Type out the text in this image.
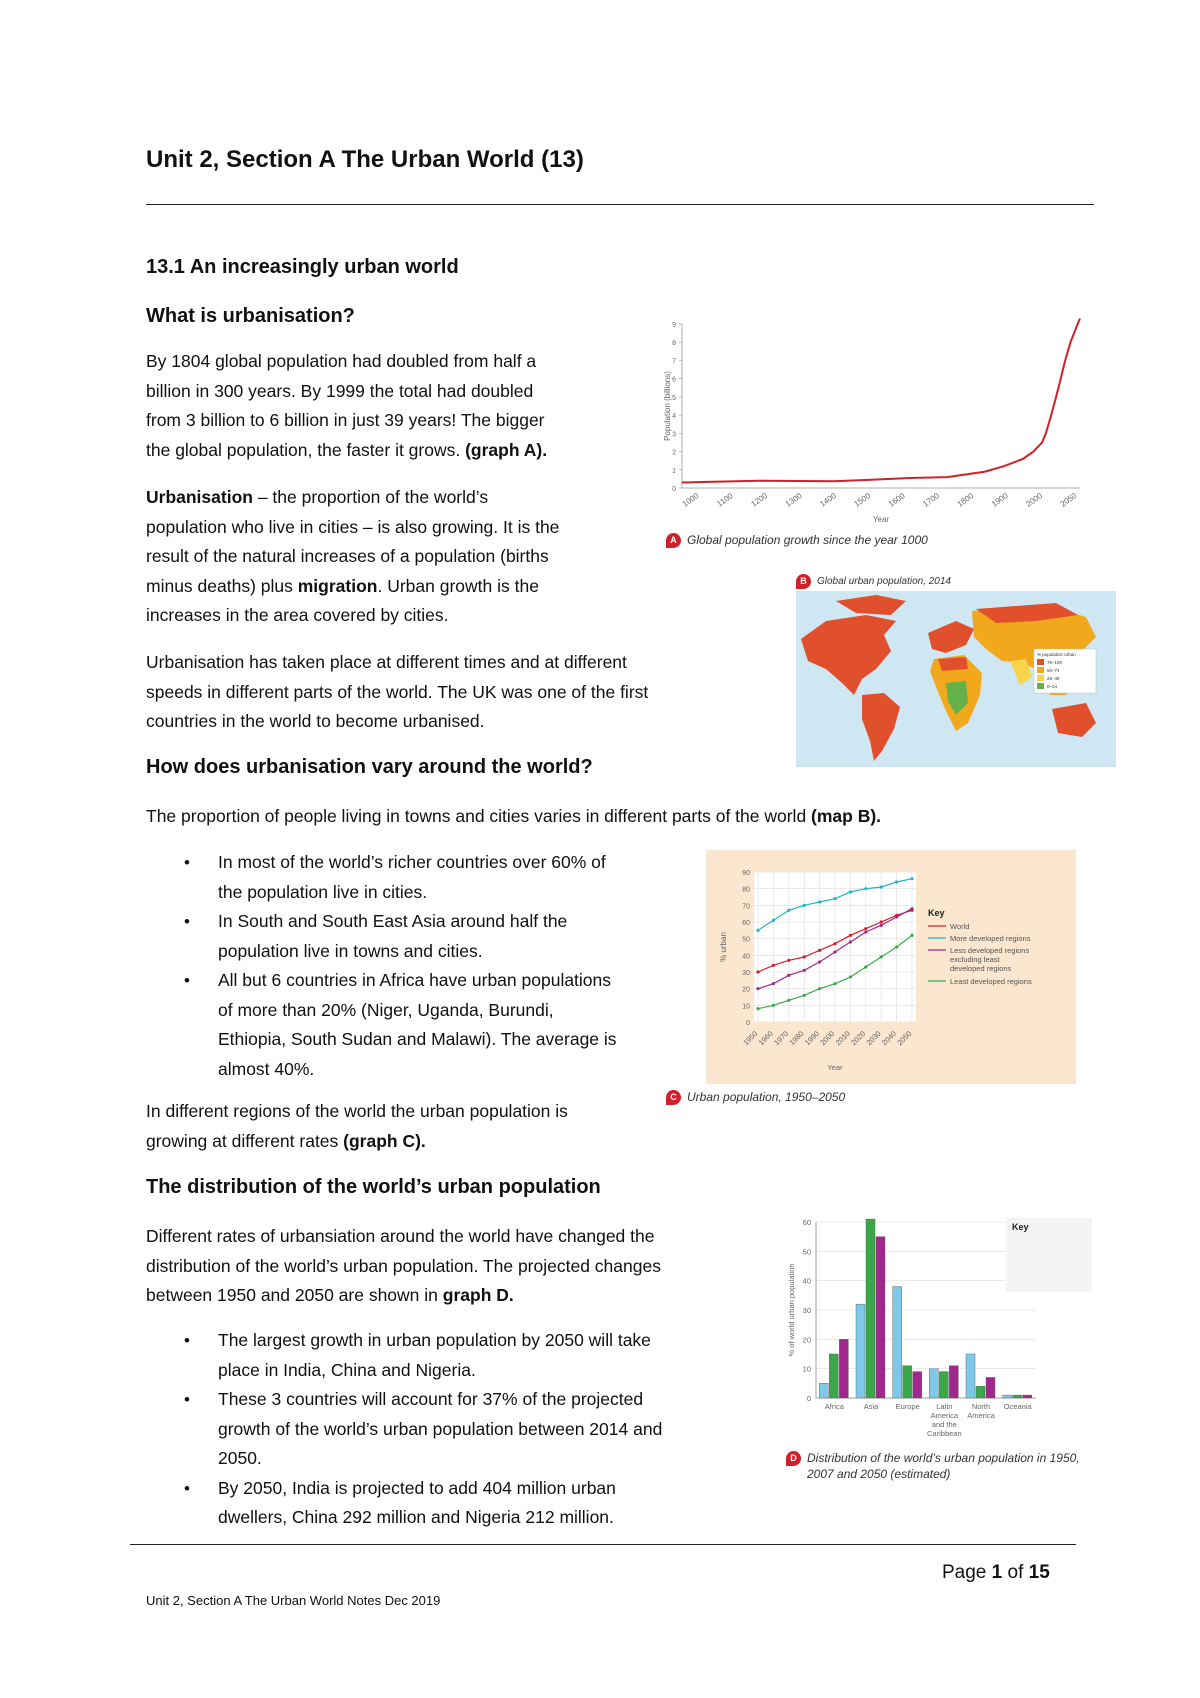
Unit 2, Section A The Urban World (13)
13.1 An increasingly urban world
What is urbanisation?

By 1804 global population had doubled from half a

billion in 300 years. By 1999 the total had doubled

from 3 billion to 6 billion in just 39 years! The bigger

the global population, the faster it grows. (graph A).

Urbanisation – the proportion of the world’s

population who live in cities – is also growing. It is the

result of the natural increases of a population (births

minus deaths) plus migration. Urban growth is the

increases in the area covered by cities.

Urbanisation has taken place at different times and at different

speeds in different parts of the world. The UK was one of the first

countries in the world to become urbanised.

How does urbanisation vary around the world?

The proportion of people living in towns and cities varies in different parts of the world (map B).

• In most of the world’s richer countries over 60% of
the population live in cities.
• In South and South East Asia around half the
population live in towns and cities.
• All but 6 countries in Africa have urban populations
of more than 20% (Niger, Uganda, Burundi,
Ethiopia, South Sudan and Malawi). The average is
almost 40%.

In different regions of the world the urban population is

growing at different rates (graph C).

The distribution of the world’s urban population

Different rates of urbansiation around the world have changed the

distribution of the world’s urban population. The projected changes

between 1950 and 2050 are shown in graph D.

• The largest growth in urban population by 2050 will take
place in India, China and Nigeria.
• These 3 countries will account for 37% of the projected
growth of the world’s urban population between 2014 and
2050.
• By 2050, India is projected to add 404 million urban
dwellers, China 292 million and Nigeria 212 million.
Page 1 of 15
Unit 2, Section A The Urban World Notes Dec 2019
0
1
2
3
4
5
6
7
8
9
1000 1100 1200 1300 1400 1500 1600 1700 1800 1900 2000 2050
Year
Population (billions)
A Global population growth since the year 1000
B Global urban population, 2014
% population urban
75–100
50–74
25–49
0–24
0
10
20
30
40
50
60
70
80
90
1950
1960
1970
1980
1990
2000
2010
2020
2030
2040
2050
Year
% urban
Key
World
More developed regions
Less developed regions
excluding least
developed regions
Least developed regions
C Urban population, 1950–2050
0
10
20
30
40
50
60
% of world urban population
Africa	Asia Europe Latin
America
and the
Caribbean
North
America
Oceania
Key
D Distribution of the world’s urban population in 1950,
2007 and 2050 (estimated)
